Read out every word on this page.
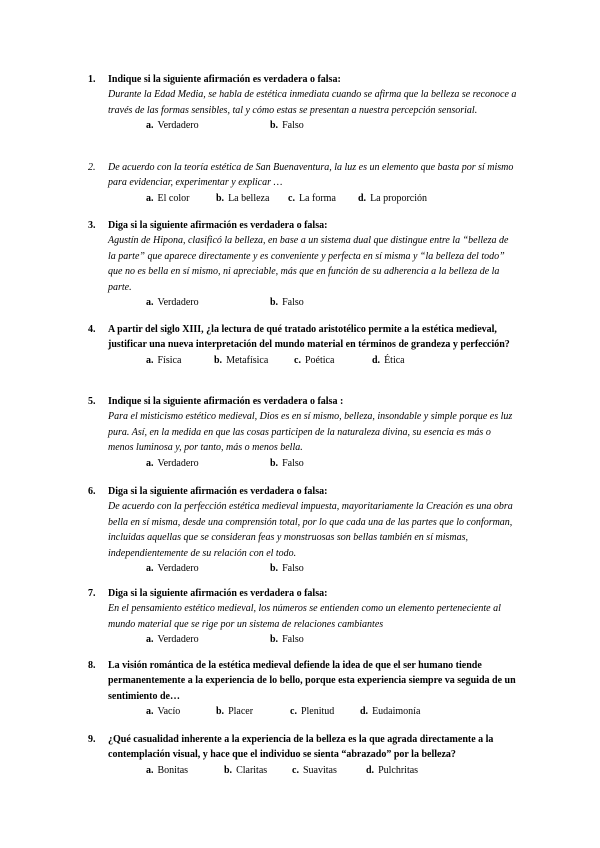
1.	Indique si la siguiente afirmación es verdadera o falsa:
Durante la Edad Media, se habla de estética inmediata cuando se afirma que la belleza se reconoce a través de las formas sensibles, tal y cómo estas se presentan a nuestra percepción sensorial.
a. Verdadero	b. Falso
2.	De acuerdo con la teoría estética de San Buenaventura, la luz es un elemento que basta por sí mismo para evidenciar, experimentar y explicar …
a. El color	b. La belleza c. La forma d. La proporción
3.	Diga si la siguiente afirmación es verdadera o falsa:
Agustín de Hipona, clasificó la belleza, en base a un sistema dual que distingue entre la “belleza de la parte” que aparece directamente y es conveniente y perfecta en sí misma y “la belleza del todo” que no es bella en sí mismo, ni apreciable, más que en función de su adherencia a la belleza de la parte.
a. Verdadero	b. Falso
4.	A partir del siglo XIII, ¿la lectura de qué tratado aristotélico permite a la estética medieval, justificar una nueva interpretación del mundo material en términos de grandeza y perfección?
a. Física	b. Metafísica	c. Poética	d. Ética
5.	Indique si la siguiente afirmación es verdadera o falsa :
Para el misticismo estético medieval, Dios es en sí mismo, belleza, insondable y simple porque es luz pura. Así, en la medida en que las cosas participen de la naturaleza divina, su esencia es más o menos luminosa y, por tanto, más o menos bella.
a. Verdadero	b. Falso
6.	Diga si la siguiente afirmación es verdadera o falsa:
De acuerdo con la perfección estética medieval impuesta, mayoritariamente la Creación es una obra bella en sí misma, desde una comprensión total, por lo que cada una de las partes que lo conforman, incluidas aquellas que se consideran feas y monstruosas son bellas también en sí mismas, independientemente de su relación con el todo.
a. Verdadero	b. Falso
7.	Diga si la siguiente afirmación es verdadera o falsa:
En el pensamiento estético medieval, los números se entienden como un elemento perteneciente al mundo material que se rige por un sistema de relaciones cambiantes
a. Verdadero	b. Falso
8.	La visión romántica de la estética medieval defiende la idea de que el ser humano tiende permanentemente a la experiencia de lo bello, porque esta experiencia siempre va seguida de un sentimiento de…
a. Vacío	b. Placer	c. Plenitud	d. Eudaimonía
9.	¿Qué casualidad inherente a la experiencia de la belleza es la que agrada directamente a la contemplación visual, y hace que el individuo se sienta “abrazado” por la belleza?
a. Bonitas	b. Claritas c. Suavitas	d. Pulchritas
